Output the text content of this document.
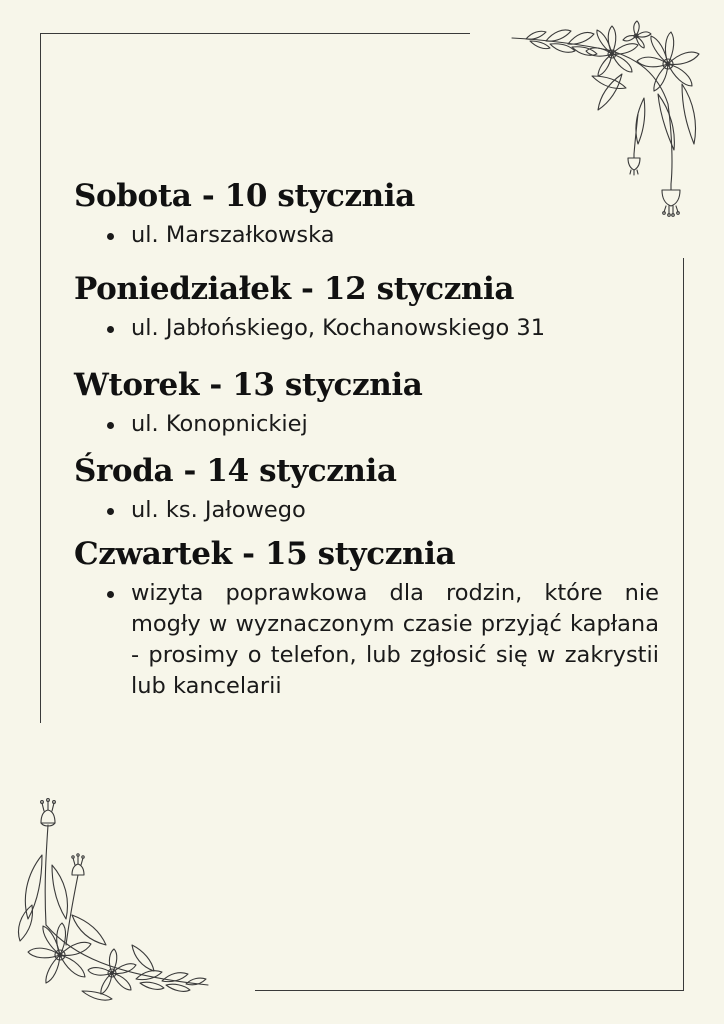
Sobota - 10 stycznia
ul. Marszałkowska
Poniedziałek - 12 stycznia
ul. Jabłońskiego, Kochanowskiego 31
Wtorek - 13 stycznia
ul. Konopnickiej
Środa - 14 stycznia
ul. ks. Jałowego
Czwartek - 15 stycznia
wizyta poprawkowa dla rodzin, które nie mogły w wyznaczonym czasie przyjąć kapłana - prosimy o telefon, lub zgłosić się w zakrystii lub kancelarii
